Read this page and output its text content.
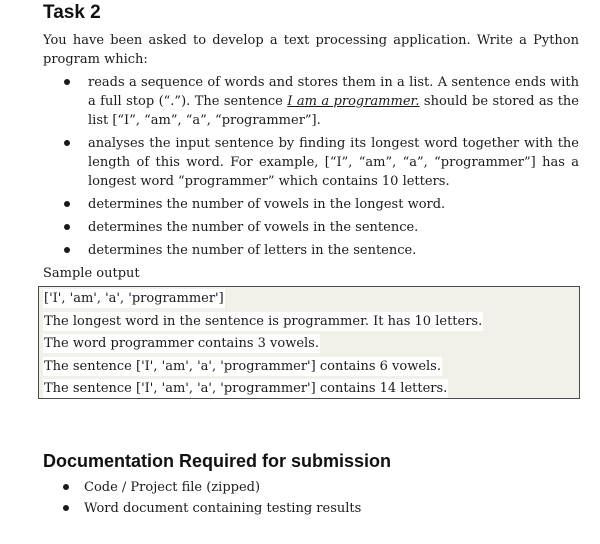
Task 2

You have been asked to develop a text processing application. Write a Python program which:

reads a sequence of words and stores them in a list. A sentence ends with a full stop (“.”). The sentence I am a programmer. should be stored as the list [“I”, “am”, “a”, “programmer”].
analyses the input sentence by finding its longest word together with the length of this word. For example, [“I”, “am”, “a”, “programmer”] has a longest word “programmer” which contains 10 letters.
determines the number of vowels in the longest word.
determines the number of vowels in the sentence.
determines the number of letters in the sentence.

Sample output

['I', 'am', 'a', 'programmer']
The longest word in the sentence is programmer. It has 10 letters.
The word programmer contains 3 vowels.
The sentence ['I', 'am', 'a', 'programmer'] contains 6 vowels.
The sentence ['I', 'am', 'a', 'programmer'] contains 14 letters.
Documentation Required for submission
Code / Project file (zipped)
Word document containing testing results
